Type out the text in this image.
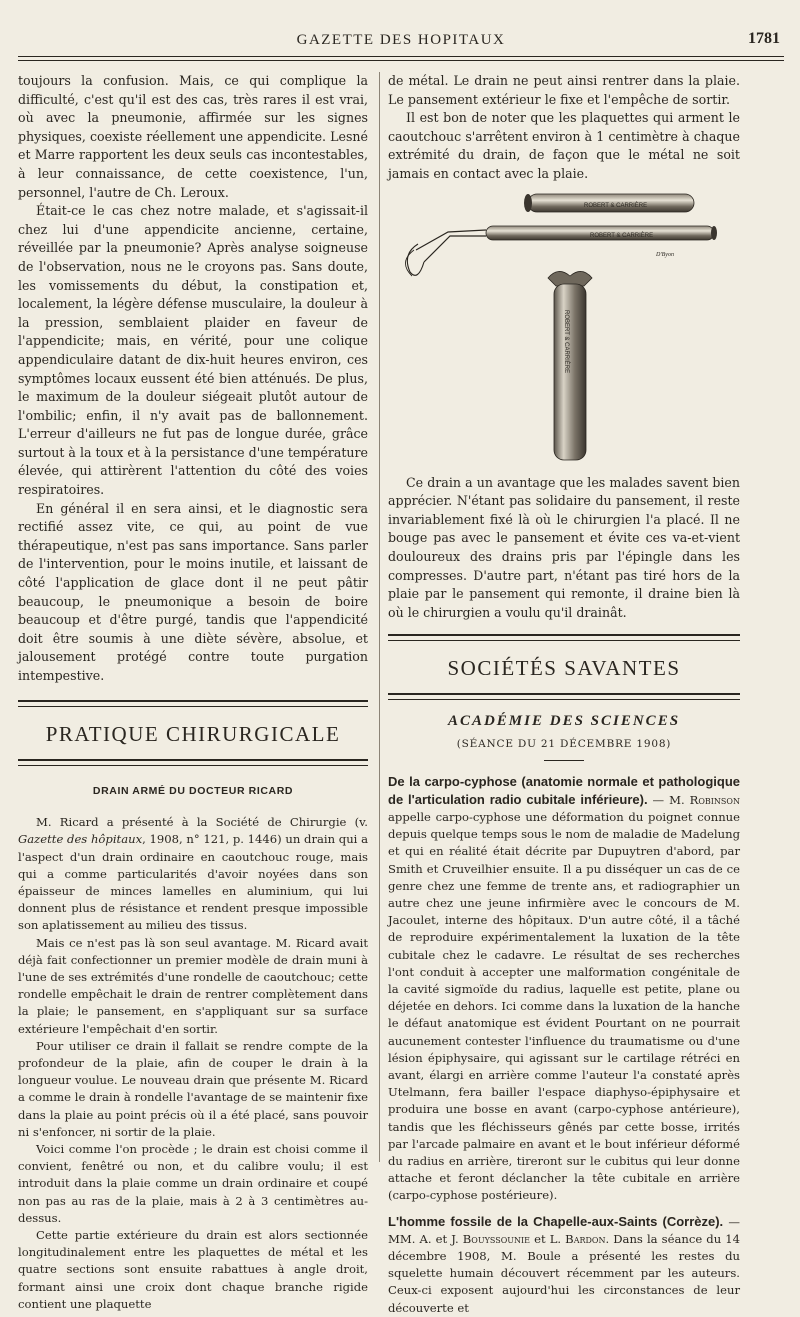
GAZETTE DES HOPITAUX	1781

toujours la confusion. Mais, ce qui complique la difficulté, c'est qu'il est des cas, très rares il est vrai, où avec la pneumonie, affirmée sur les signes physiques, coexiste réellement une appendicite. Lesné et Marre rapportent les deux seuls cas incontestables, à leur connaissance, de cette coexistence, l'un, personnel, l'autre de Ch. Leroux.

Était-ce le cas chez notre malade, et s'agissait-il chez lui d'une appendicite ancienne, certaine, réveillée par la pneumonie? Après analyse soigneuse de l'observation, nous ne le croyons pas. Sans doute, les vomissements du début, la constipation et, localement, la légère défense musculaire, la douleur à la pression, semblaient plaider en faveur de l'appendicite; mais, en vérité, pour une colique appendiculaire datant de dix-huit heures environ, ces symptômes locaux eussent été bien atténués. De plus, le maximum de la douleur siégeait plutôt autour de l'ombilic; enfin, il n'y avait pas de ballonnement. L'erreur d'ailleurs ne fut pas de longue durée, grâce surtout à la toux et à la persistance d'une température élevée, qui attirèrent l'attention du côté des voies respiratoires.

En général il en sera ainsi, et le diagnostic sera rectifié assez vite, ce qui, au point de vue thérapeutique, n'est pas sans importance. Sans parler de l'intervention, pour le moins inutile, et laissant de côté l'application de glace dont il ne peut pâtir beaucoup, le pneumonique a besoin de boire beaucoup et d'être purgé, tandis que l'appendicité doit être soumis à une diète sévère, absolue, et jalousement protégé contre toute purgation intempestive.

PRATIQUE CHIRURGICALE
DRAIN ARMÉ DU DOCTEUR RICARD

M. Ricard a présenté à la Société de Chirurgie (v. Gazette des hôpitaux, 1908, n° 121, p. 1446) un drain qui a l'aspect d'un drain ordinaire en caoutchouc rouge, mais qui a comme particularités d'avoir noyées dans son épaisseur de minces lamelles en aluminium, qui lui donnent plus de résistance et rendent presque impossible son aplatissement au milieu des tissus.

Mais ce n'est pas là son seul avantage. M. Ricard avait déjà fait confectionner un premier modèle de drain muni à l'une de ses extrémités d'une rondelle de caoutchouc; cette rondelle empêchait le drain de rentrer complètement dans la plaie; le pansement, en s'appliquant sur sa surface extérieure l'empêchait d'en sortir.

Pour utiliser ce drain il fallait se rendre compte de la profondeur de la plaie, afin de couper le drain à la longueur voulue. Le nouveau drain que présente M. Ricard a comme le drain à rondelle l'avantage de se maintenir fixe dans la plaie au point précis où il a été placé, sans pouvoir ni s'enfoncer, ni sortir de la plaie.

Voici comme l'on procède ; le drain est choisi comme il convient, fenêtré ou non, et du calibre voulu; il est introduit dans la plaie comme un drain ordinaire et coupé non pas au ras de la plaie, mais à 2 à 3 centimètres au-dessus.

Cette partie extérieure du drain est alors sectionnée longitudinalement entre les plaquettes de métal et les quatre sections sont ensuite rabattues à angle droit, formant ainsi une croix dont chaque branche rigide contient une plaquette

de métal. Le drain ne peut ainsi rentrer dans la plaie. Le pansement extérieur le fixe et l'empêche de sortir.

Il est bon de noter que les plaquettes qui arment le caoutchouc s'arrêtent environ à 1 centimètre à chaque extrémité du drain, de façon que le métal ne soit jamais en contact avec la plaie.

ROBERT & CARRIÈRE
ROBERT & CARRIÈRE
D'Byon
ROBERT & CARRIÈRE

Ce drain a un avantage que les malades savent bien apprécier. N'étant pas solidaire du pansement, il reste invariablement fixé là où le chirurgien l'a placé. Il ne bouge pas avec le pansement et évite ces va-et-vient douloureux des drains pris par l'épingle dans les compresses. D'autre part, n'étant pas tiré hors de la plaie par le pansement qui remonte, il draine bien là où le chirurgien a voulu qu'il drainât.

SOCIÉTÉS SAVANTES
ACADÉMIE DES SCIENCES
(SÉANCE DU 21 DÉCEMBRE 1908)

De la carpo-cyphose (anatomie normale et pathologique de l'articulation radio cubitale inférieure). — M. Robinson appelle carpo-cyphose une déformation du poignet connue depuis quelque temps sous le nom de maladie de Madelung et qui en réalité était décrite par Dupuytren d'abord, par Smith et Cruveilhier ensuite. Il a pu disséquer un cas de ce genre chez une femme de trente ans, et radiographier un autre chez une jeune infirmière avec le concours de M. Jacoulet, interne des hôpitaux. D'un autre côté, il a tâché de reproduire expérimentalement la luxation de la tête cubitale chez le cadavre. Le résultat de ses recherches l'ont conduit à accepter une malformation congénitale de la cavité sigmoïde du radius, laquelle est petite, plane ou déjetée en dehors. Ici comme dans la luxation de la hanche le défaut anatomique est évident Pourtant on ne pourrait aucunement contester l'influence du traumatisme ou d'une lésion épiphysaire, qui agissant sur le cartilage rétréci en avant, élargi en arrière comme l'auteur l'a constaté après Utelmann, fera bailler l'espace diaphyso-épiphysaire et produira une bosse en avant (carpo-cyphose antérieure), tandis que les fléchisseurs gênés par cette bosse, irrités par l'arcade palmaire en avant et le bout inférieur déformé du radius en arrière, tireront sur le cubitus qui leur donne attache et feront déclancher la tête cubitale en arrière (carpo-cyphose postérieure).

L'homme fossile de la Chapelle-aux-Saints (Corrèze). — MM. A. et J. Bouyssounie et L. Bardon. Dans la séance du 14 décembre 1908, M. Boule a présenté les restes du squelette humain découvert récemment par les auteurs. Ceux-ci exposent aujourd'hui les circonstances de leur découverte et
